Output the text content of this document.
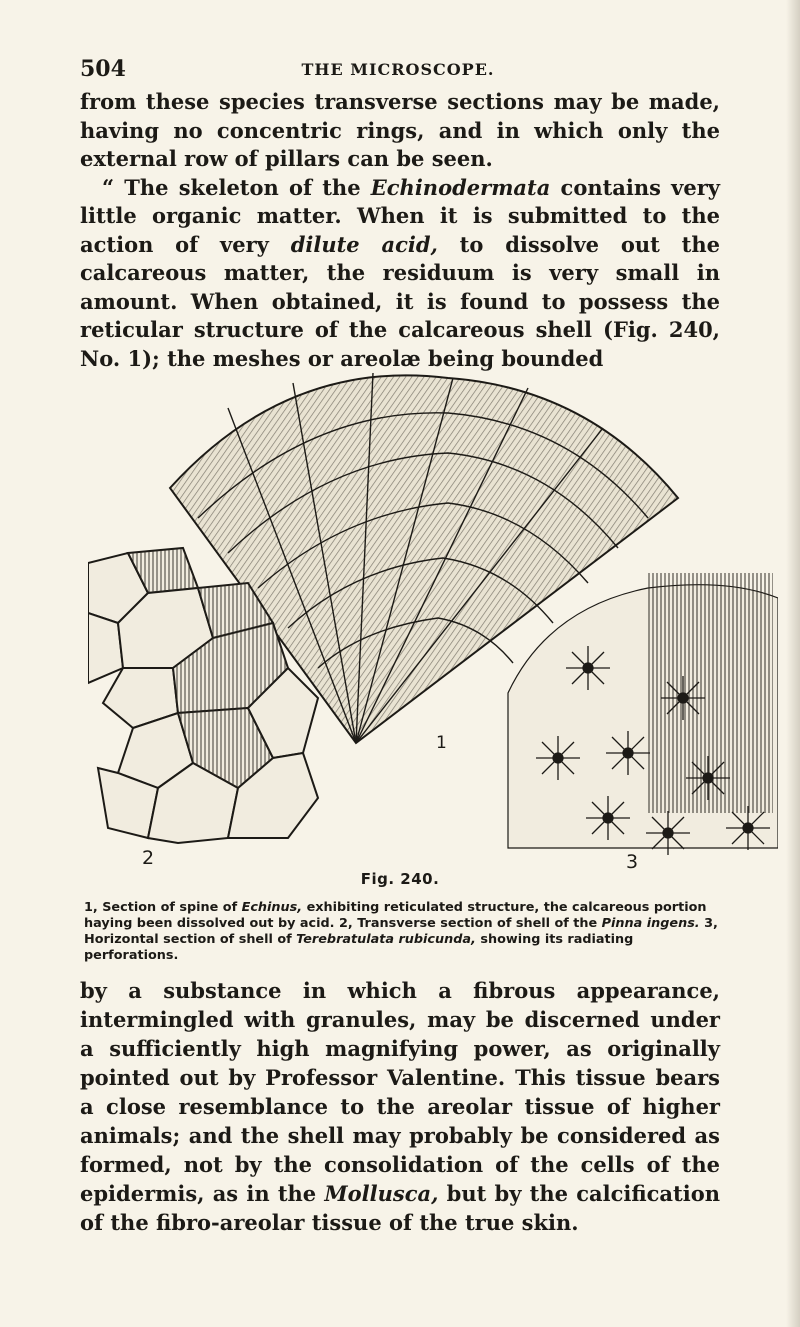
504	THE MICROSCOPE.

from these species transverse sections may be made, having no concentric rings, and in which only the external row of pillars can be seen.

“ The skeleton of the Echinodermata contains very little organic matter. When it is submitted to the action of very dilute acid, to dissolve out the calcareous matter, the residuum is very small in amount. When obtained, it is found to possess the reticular structure of the calcareous shell (Fig. 240, No. 1); the meshes or areolæ being bounded

1
2	3
Fig. 240.

1, Section of spine of Echinus, exhibiting reticulated structure, the calcareous portion haying been dissolved out by acid. 2, Transverse section of shell of the Pinna ingens. 3, Horizontal section of shell of Terebratulata rubicunda, showing its radiating perforations.

by a substance in which a fibrous appearance, intermingled with granules, may be discerned under a sufficiently high magnifying power, as originally pointed out by Professor Valentine. This tissue bears a close resemblance to the areolar tissue of higher animals; and the shell may probably be considered as formed, not by the consolidation of the cells of the epidermis, as in the Mollusca, but by the calcification of the fibro-areolar tissue of the true skin.
